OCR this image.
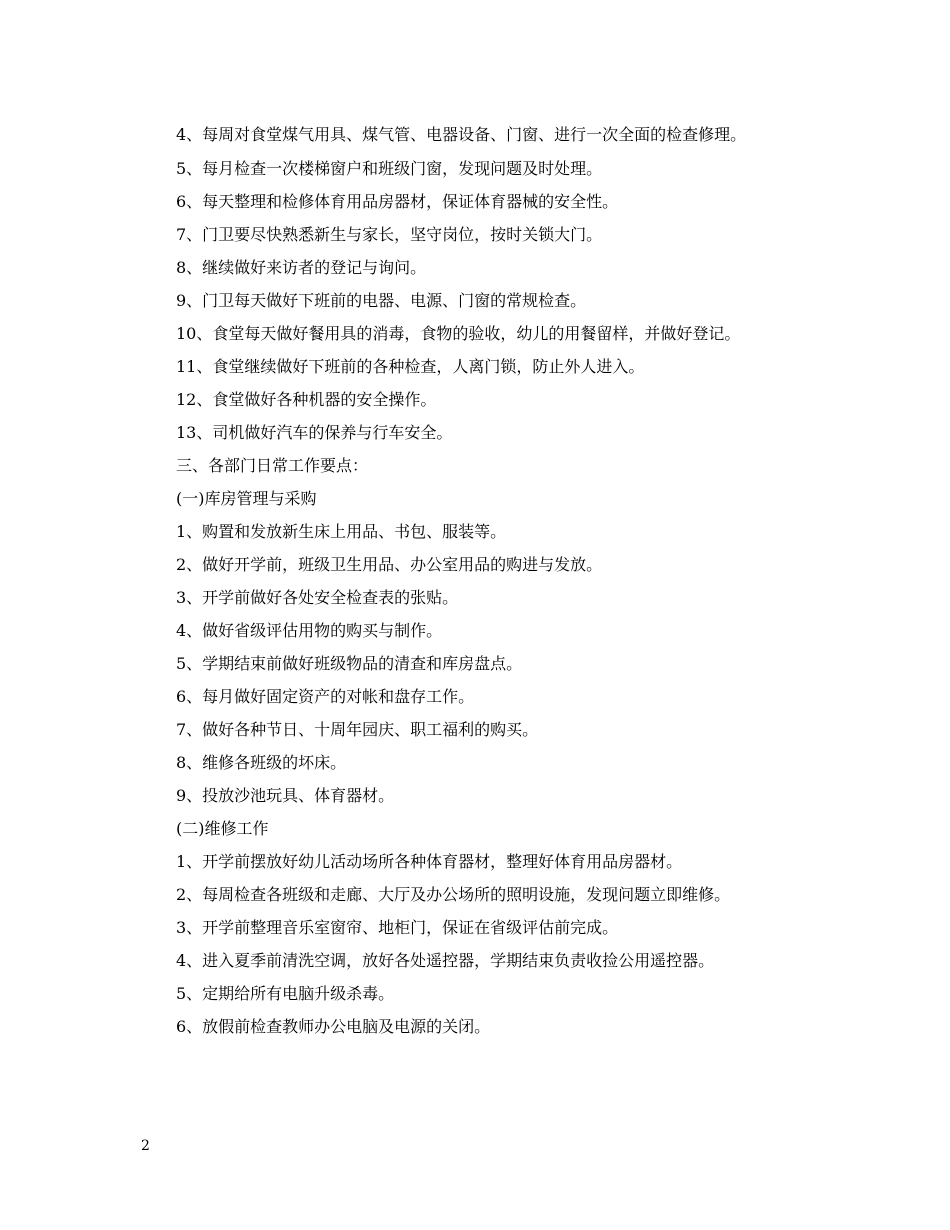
4、每周对食堂煤气用具、煤气管、电器设备、门窗、进行一次全面的检查修理。
5、每月检查一次楼梯窗户和班级门窗，发现问题及时处理。
6、每天整理和检修体育用品房器材，保证体育器械的安全性。
7、门卫要尽快熟悉新生与家长，坚守岗位，按时关锁大门。
8、继续做好来访者的登记与询问。
9、门卫每天做好下班前的电器、电源、门窗的常规检查。
10、食堂每天做好餐用具的消毒，食物的验收，幼儿的用餐留样，并做好登记。
11、食堂继续做好下班前的各种检查，人离门锁，防止外人进入。
12、食堂做好各种机器的安全操作。
13、司机做好汽车的保养与行车安全。
三、各部门日常工作要点：
(一)库房管理与采购
1、购置和发放新生床上用品、书包、服装等。
2、做好开学前，班级卫生用品、办公室用品的购进与发放。
3、开学前做好各处安全检查表的张贴。
4、做好省级评估用物的购买与制作。
5、学期结束前做好班级物品的清查和库房盘点。
6、每月做好固定资产的对帐和盘存工作。
7、做好各种节日、十周年园庆、职工福利的购买。
8、维修各班级的坏床。
9、投放沙池玩具、体育器材。
(二)维修工作
1、开学前摆放好幼儿活动场所各种体育器材，整理好体育用品房器材。
2、每周检查各班级和走廊、大厅及办公场所的照明设施，发现问题立即维修。
3、开学前整理音乐室窗帘、地柜门，保证在省级评估前完成。
4、进入夏季前清洗空调，放好各处遥控器，学期结束负责收捡公用遥控器。
5、定期给所有电脑升级杀毒。
6、放假前检查教师办公电脑及电源的关闭。
2
